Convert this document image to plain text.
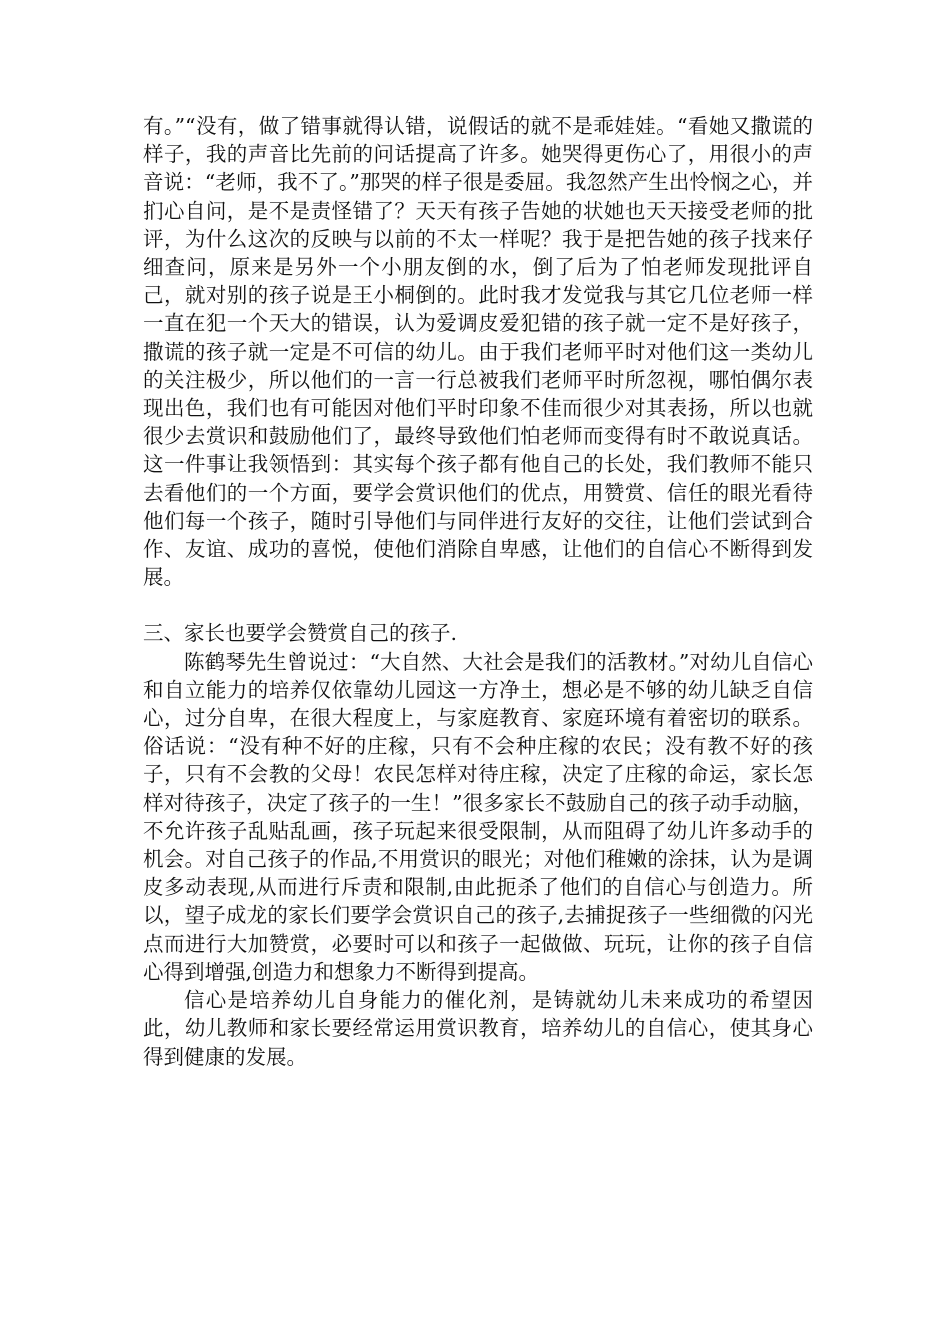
有。”“没有，做了错事就得认错，说假话的就不是乖娃娃。“看她又撒谎的样子，我的声音比先前的问话提高了许多。她哭得更伤心了，用很小的声音说：“老师，我不了。”那哭的样子很是委屈。我忽然产生出怜悯之心，并扪心自问，是不是责怪错了？天天有孩子告她的状她也天天接受老师的批评，为什么这次的反映与以前的不太一样呢？我于是把告她的孩子找来仔细查问，原来是另外一个小朋友倒的水，倒了后为了怕老师发现批评自己，就对别的孩子说是王小桐倒的。此时我才发觉我与其它几位老师一样一直在犯一个天大的错误，认为爱调皮爱犯错的孩子就一定不是好孩子，撒谎的孩子就一定是不可信的幼儿。由于我们老师平时对他们这一类幼儿的关注极少，所以他们的一言一行总被我们老师平时所忽视，哪怕偶尔表现出色，我们也有可能因对他们平时印象不佳而很少对其表扬，所以也就很少去赏识和鼓励他们了，最终导致他们怕老师而变得有时不敢说真话。这一件事让我领悟到：其实每个孩子都有他自己的长处，我们教师不能只去看他们的一个方面，要学会赏识他们的优点，用赞赏、信任的眼光看待他们每一个孩子，随时引导他们与同伴进行友好的交往，让他们尝试到合作、友谊、成功的喜悦，使他们消除自卑感，让他们的自信心不断得到发展。

三、家长也要学会赞赏自己的孩子.

陈鹤琴先生曾说过：“大自然、大社会是我们的活教材。”对幼儿自信心和自立能力的培养仅依靠幼儿园这一方净土，想必是不够的幼儿缺乏自信心，过分自卑，在很大程度上，与家庭教育、家庭环境有着密切的联系。俗话说：“没有种不好的庄稼，只有不会种庄稼的农民；没有教不好的孩子，只有不会教的父母！农民怎样对待庄稼，决定了庄稼的命运，家长怎样对待孩子，决定了孩子的一生！”很多家长不鼓励自己的孩子动手动脑，不允许孩子乱贴乱画，孩子玩起来很受限制，从而阻碍了幼儿许多动手的机会。对自己孩子的作品,不用赏识的眼光；对他们稚嫩的涂抹，认为是调皮多动表现,从而进行斥责和限制,由此扼杀了他们的自信心与创造力。所以，望子成龙的家长们要学会赏识自己的孩子,去捕捉孩子一些细微的闪光点而进行大加赞赏，必要时可以和孩子一起做做、玩玩，让你的孩子自信心得到增强,创造力和想象力不断得到提高。

信心是培养幼儿自身能力的催化剂，是铸就幼儿未来成功的希望因此，幼儿教师和家长要经常运用赏识教育，培养幼儿的自信心，使其身心得到健康的发展。
